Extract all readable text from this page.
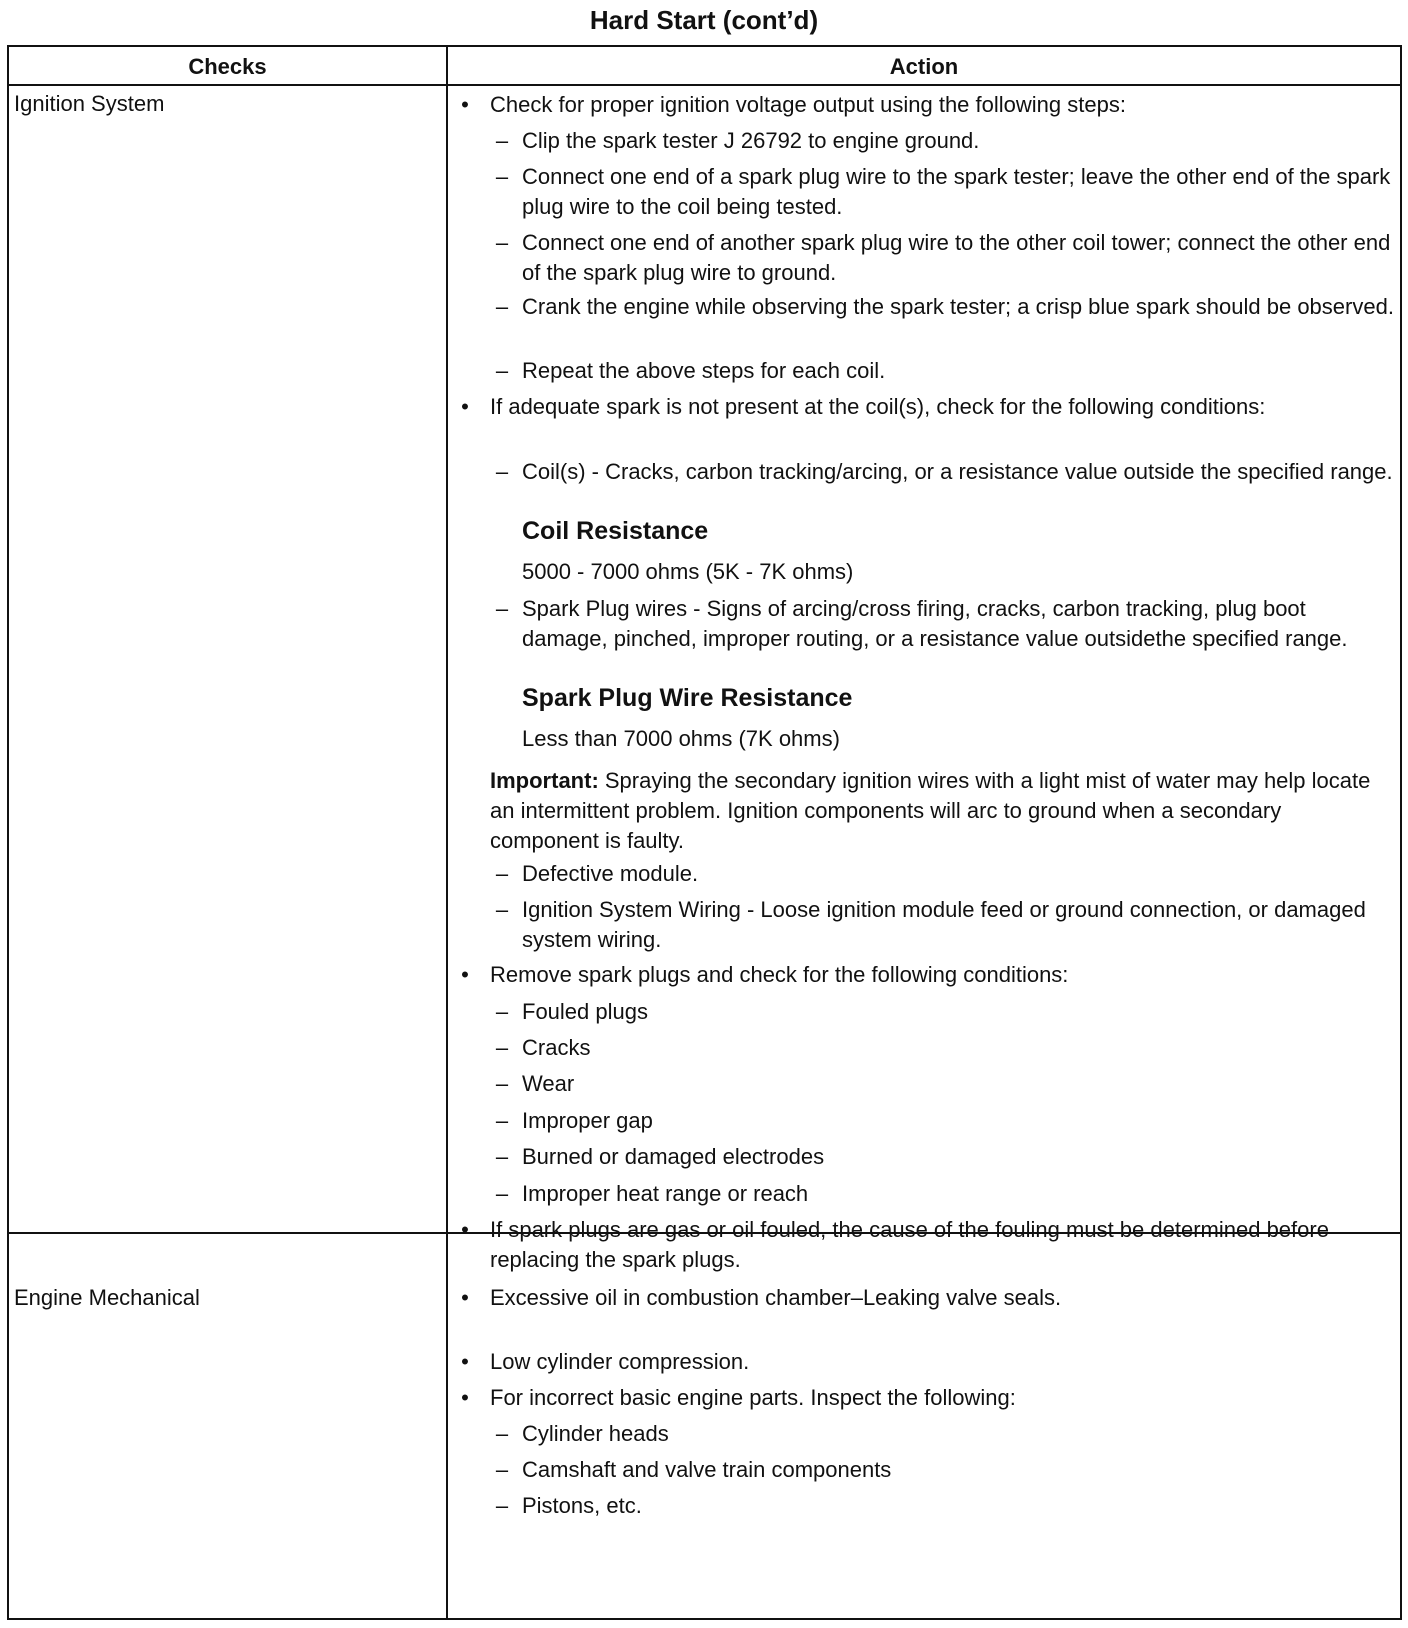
Hard Start (cont’d)
Checks	Action
Ignition System	• Check for proper ignition voltage output using the following steps:
– Clip the spark tester J 26792 to engine ground.
– Connect one end of a spark plug wire to the spark tester; leave the other end of the spark plug wire to the coil being tested.
– Connect one end of another spark plug wire to the other coil tower; connect the other end of the spark plug wire to ground.
– Crank the engine while observing the spark tester; a crisp blue spark should be observed.
– Repeat the above steps for each coil.
• If adequate spark is not present at the coil(s), check for the following conditions:
– Coil(s) - Cracks, carbon tracking/arcing, or a resistance value outside the specified range.
Coil Resistance
5000 - 7000 ohms (5K - 7K ohms)
– Spark Plug wires - Signs of arcing/cross firing, cracks, carbon tracking, plug boot damage, pinched, improper routing, or a resistance value outsidethe specified range.
Spark Plug Wire Resistance
Less than 7000 ohms (7K ohms)
Important: Spraying the secondary ignition wires with a light mist of water may help locate an intermittent problem. Ignition components will arc to ground when a secondary component is faulty.
– Defective module.
– Ignition System Wiring - Loose ignition module feed or ground connection, or damaged system wiring.
• Remove spark plugs and check for the following conditions:
– Fouled plugs
– Cracks
– Wear
– Improper gap
– Burned or damaged electrodes
– Improper heat range or reach
• If spark plugs are gas or oil fouled, the cause of the fouling must be determined before replacing the spark plugs.
Engine Mechanical	• Excessive oil in combustion chamber–Leaking valve seals.
• Low cylinder compression.
• For incorrect basic engine parts. Inspect the following:
– Cylinder heads
– Camshaft and valve train components
– Pistons, etc.
